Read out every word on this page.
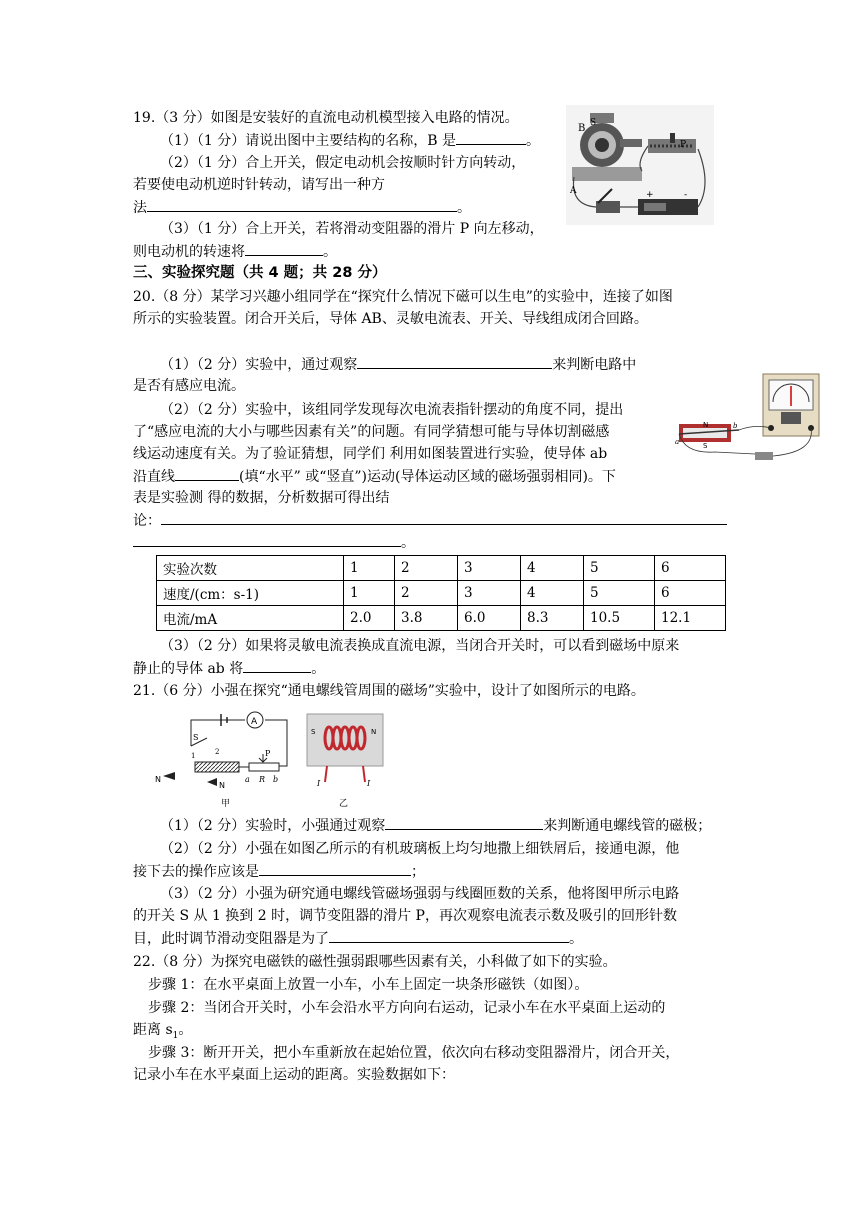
19.（3 分）如图是安装好的直流电动机模型接入电路的情况。
（1）（1 分）请说出图中主要结构的名称，B 是	。
（2）（1 分）合上开关，假定电动机会按顺时针方向转动，
若要使电动机逆时针转动，请写出一种方
法	。
（3）（1 分）合上开关，若将滑动变阻器的滑片 P 向左移动，
则电动机的转速将	。
B S
P
A	+	-
三、实验探究题（共 4 题；共 28 分）
20.（8 分）某学习兴趣小组同学在“探究什么情况下磁可以生电”的实验中，连接了如图
所示的实验装置。闭合开关后，导体 AB、灵敏电流表、开关、导线组成闭合回路。
（1）（2 分）实验中，通过观察	来判断电路中
是否有感应电流。
（2）（2 分）实验中，该组同学发现每次电流表指针摆动的角度不同，提出
了“感应电流的大小与哪些因素有关”的问题。有同学猜想可能与导体切割磁感
线运动速度有关。为了验证猜想，同学们 利用如图装置进行实验，使导体 ab
沿直线	(填“水平” 或“竖直”)运动(导体运动区域的磁场强弱相同)。下
表是实验测 得的数据，分析数据可得出结
论：
。
N
S
b
a
实验次数	1	2	3	4	5	6
速度/(cm：s-1)	1	2	3	4	5	6
电流/mA	2.0	3.8	6.0	8.3	10.5	12.1
（3）（2 分）如果将灵敏电流表换成直流电源，当闭合开关时，可以看到磁场中原来
静止的导体 ab 将	。
21.（6 分）小强在探究“通电螺线管周围的磁场”实验中，设计了如图所示的电路。
A
S
1	2	P
N
N
a R b
甲
S	N
I	I
乙
（1）（2 分）实验时，小强通过观察	来判断通电螺线管的磁极；
（2）（2 分）小强在如图乙所示的有机玻璃板上均匀地撒上细铁屑后，接通电源，他
接下去的操作应该是	；
（3）（2 分）小强为研究通电螺线管磁场强弱与线圈匝数的关系，他将图甲所示电路
的开关 S 从 1 换到 2 时，调节变阻器的滑片 P，再次观察电流表示数及吸引的回形针数
目，此时调节滑动变阻器是为了	。
22.（8 分）为探究电磁铁的磁性强弱跟哪些因素有关，小科做了如下的实验。
步骤 1：在水平桌面上放置一小车，小车上固定一块条形磁铁（如图）。
步骤 2：当闭合开关时，小车会沿水平方向向右运动，记录小车在水平桌面上运动的
距离 $s_1$。
步骤 3：断开开关，把小车重新放在起始位置，依次向右移动变阻器滑片，闭合开关，
记录小车在水平桌面上运动的距离。实验数据如下：
